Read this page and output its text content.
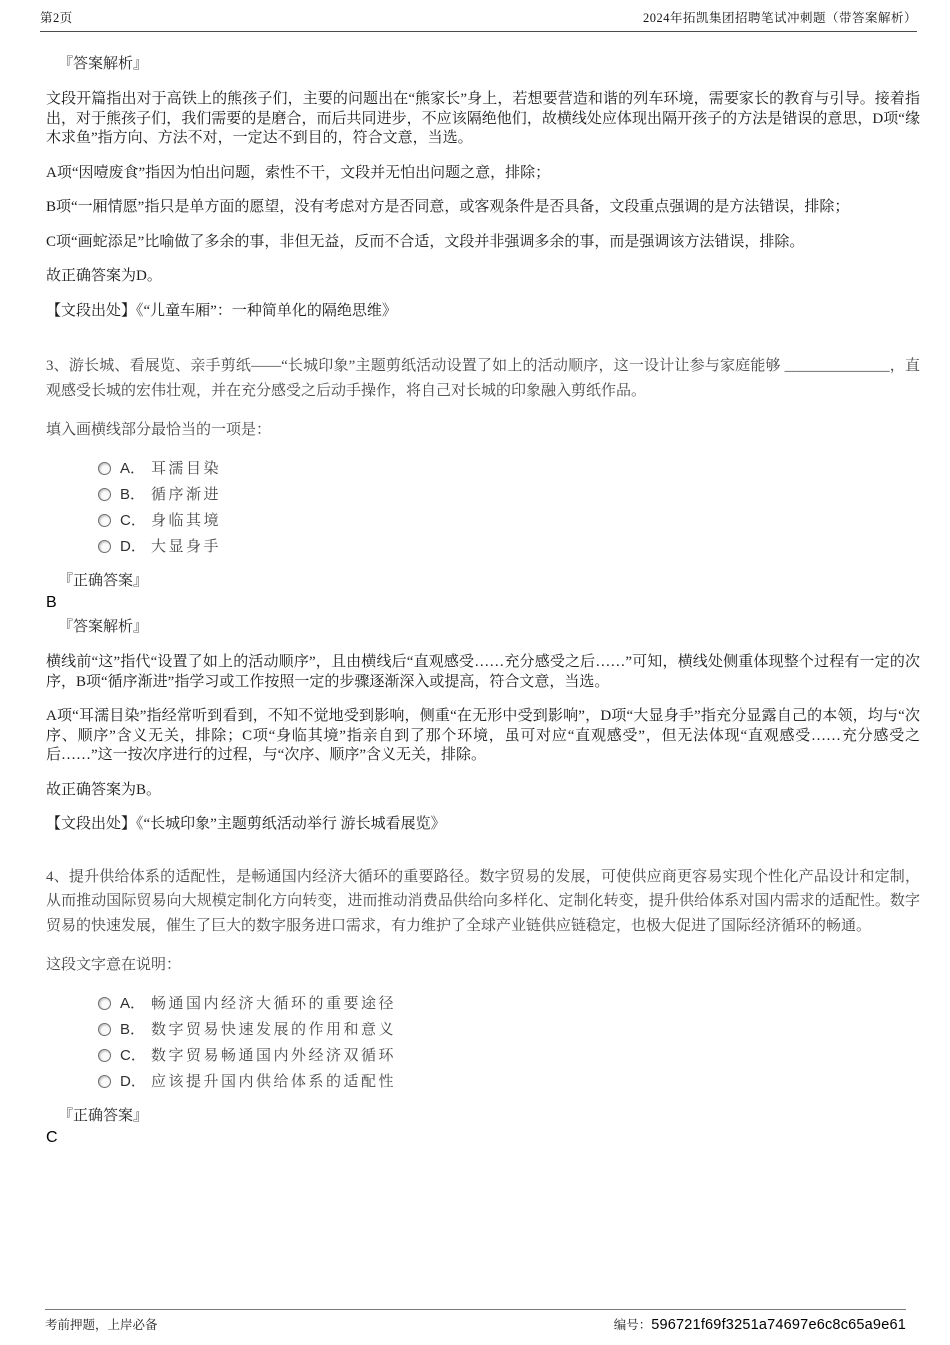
第2页	2024年拓凯集团招聘笔试冲刺题（带答案解析）

『答案解析』

文段开篇指出对于高铁上的熊孩子们，主要的问题出在“熊家长”身上，若想要营造和谐的列车环境，需要家长的教育与引导。接着指出，对于熊孩子们，我们需要的是磨合，而后共同进步，不应该隔绝他们，故横线处应体现出隔开孩子的方法是错误的意思，D项“缘木求鱼”指方向、方法不对，一定达不到目的，符合文意，当选。

A项“因噎废食”指因为怕出问题，索性不干，文段并无怕出问题之意，排除；

B项“一厢情愿”指只是单方面的愿望，没有考虑对方是否同意，或客观条件是否具备，文段重点强调的是方法错误，排除；

C项“画蛇添足”比喻做了多余的事，非但无益，反而不合适，文段并非强调多余的事，而是强调该方法错误，排除。

故正确答案为D。

【文段出处】《“儿童车厢”：一种简单化的隔绝思维》

3、游长城、看展览、亲手剪纸——“长城印象”主题剪纸活动设置了如上的活动顺序，这一设计让参与家庭能够 ______________，直观感受长城的宏伟壮观，并在充分感受之后动手操作，将自己对长城的印象融入剪纸作品。

填入画横线部分最恰当的一项是：

A． 耳濡目染
B． 循序渐进
C． 身临其境
D． 大显身手

『正确答案』

B

『答案解析』

横线前“这”指代“设置了如上的活动顺序”，且由横线后“直观感受……充分感受之后……”可知，横线处侧重体现整个过程有一定的次序，B项“循序渐进”指学习或工作按照一定的步骤逐渐深入或提高，符合文意，当选。

A项“耳濡目染”指经常听到看到，不知不觉地受到影响，侧重“在无形中受到影响”，D项“大显身手”指充分显露自己的本领，均与“次序、顺序”含义无关，排除；C项“身临其境”指亲自到了那个环境，虽可对应“直观感受”，但无法体现“直观感受……充分感受之后……”这一按次序进行的过程，与“次序、顺序”含义无关，排除。

故正确答案为B。

【文段出处】《“长城印象”主题剪纸活动举行 游长城看展览》

4、提升供给体系的适配性，是畅通国内经济大循环的重要路径。数字贸易的发展，可使供应商更容易实现个性化产品设计和定制，从而推动国际贸易向大规模定制化方向转变，进而推动消费品供给向多样化、定制化转变，提升供给体系对国内需求的适配性。数字贸易的快速发展，催生了巨大的数字服务进口需求，有力维护了全球产业链供应链稳定，也极大促进了国际经济循环的畅通。

这段文字意在说明：

A． 畅通国内经济大循环的重要途径
B． 数字贸易快速发展的作用和意义
C． 数字贸易畅通国内外经济双循环
D． 应该提升国内供给体系的适配性

『正确答案』

C

考前押题，上岸必备	编号：596721f69f3251a74697e6c8c65a9e61
